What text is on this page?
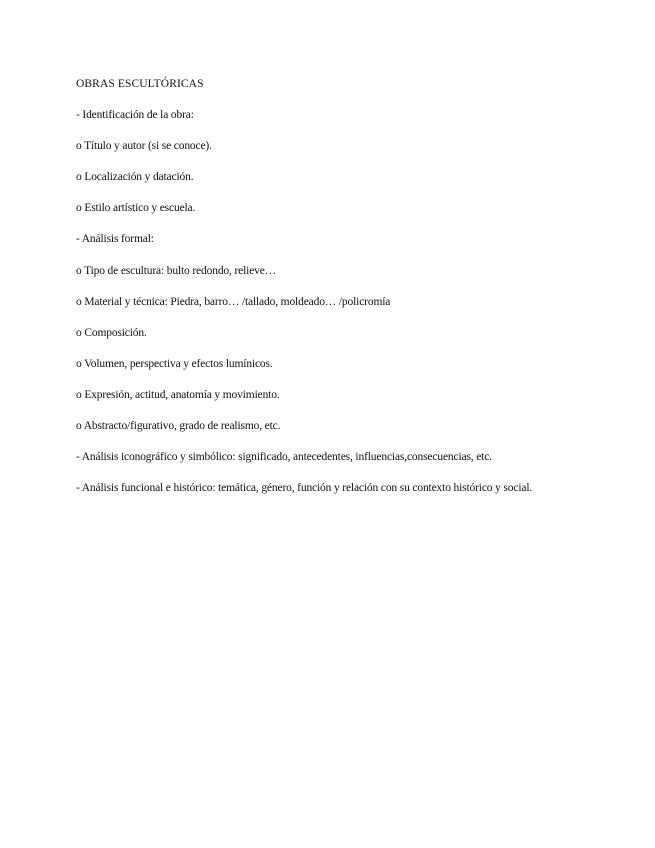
OBRAS ESCULTÓRICAS
- Identificación de la obra:
o Título y autor (si se conoce).
o Localización y datación.
o Estilo artístico y escuela.
- Análisis formal:
o Tipo de escultura: bulto redondo, relieve…
o Material y técnica: Piedra, barro… /tallado, moldeado… /policromía
o Composición.
o Volumen, perspectiva y efectos lumínicos.
o Expresión, actitud, anatomía y movimiento.
o Abstracto/figurativo, grado de realismo, etc.
- Análisis iconográfico y simbólico: significado, antecedentes, influencias,consecuencias, etc.
- Análisis funcional e histórico: temática, género, función y relación con su contexto histórico y social.
